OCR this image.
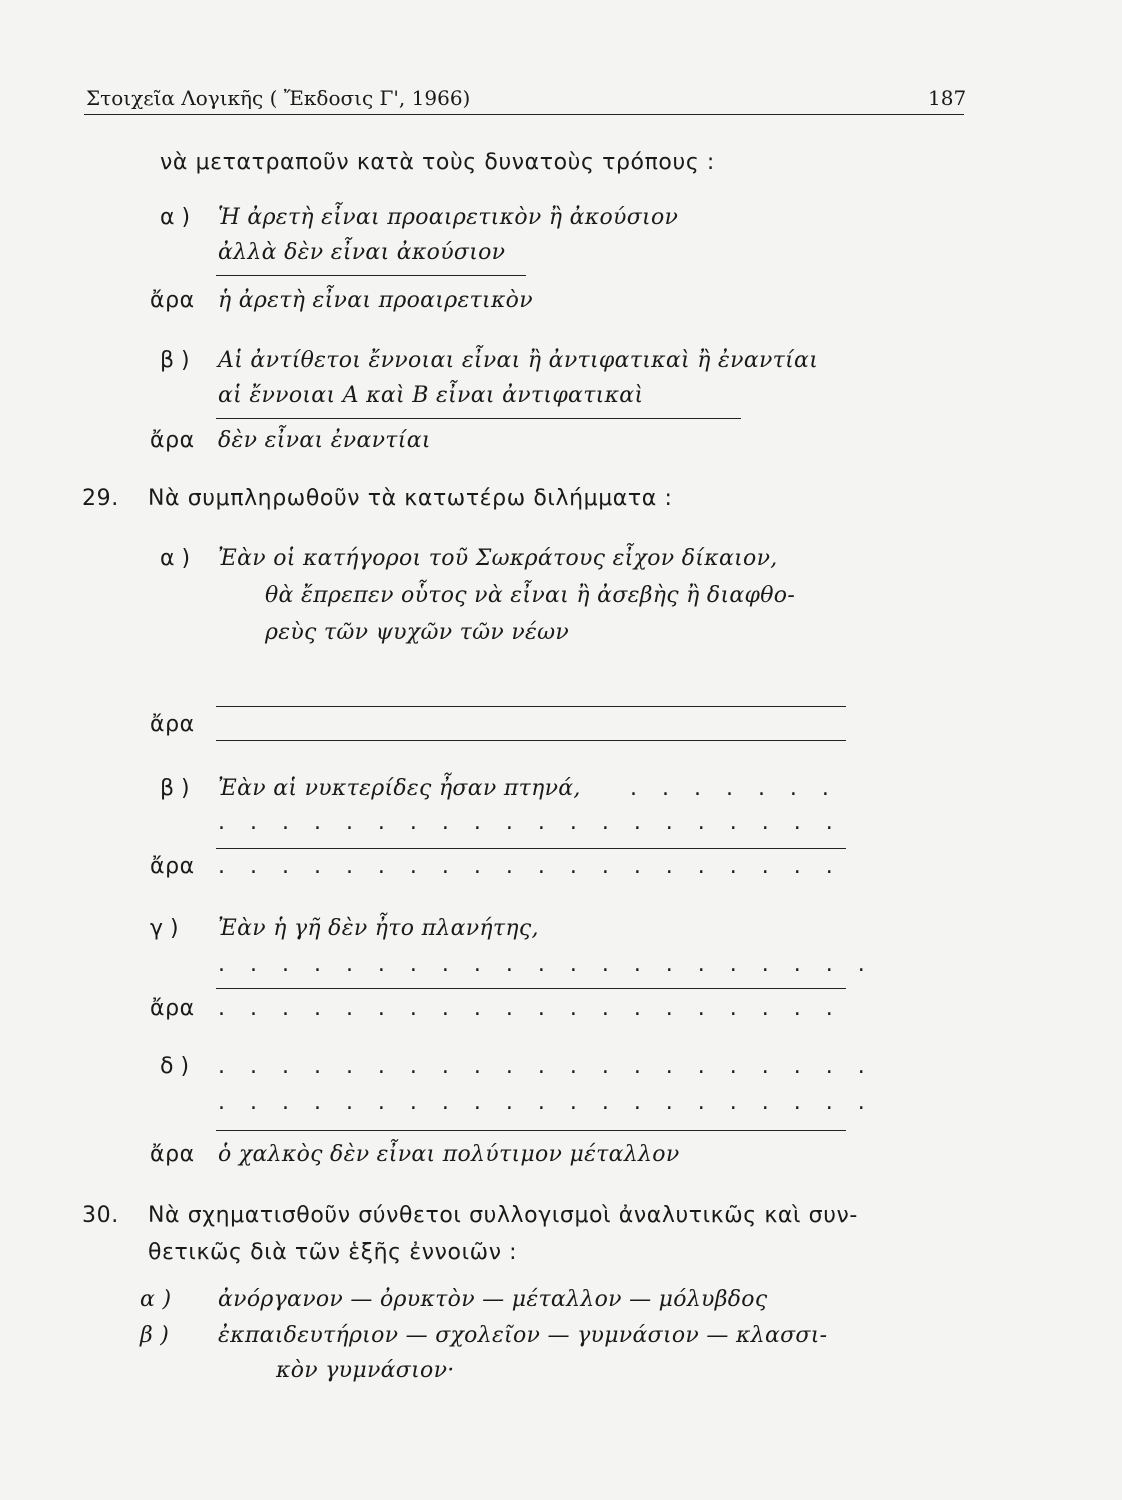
Στοιχεῖα Λογικῆς ( Ἔκδοσις Γ', 1966)	187
νὰ μετατραποῦν κατὰ τοὺς δυνατοὺς τρόπους :
α ) Ἡ ἀρετὴ εἶναι προαιρετικὸν ἢ ἀκούσιον
ἀλλὰ δὲν εἶναι ἀκούσιον
ἄρα ἡ ἀρετὴ εἶναι προαιρετικὸν
β ) Αἱ ἀντίθετοι ἔννοιαι εἶναι ἢ ἀντιφατικαὶ ἢ ἐναντίαι
αἱ ἔννοιαι Α καὶ Β εἶναι ἀντιφατικαὶ
ἄρα δὲν εἶναι ἐναντίαι
29. Νὰ συμπληρωθοῦν τὰ κατωτέρω διλήμματα :
α ) Ἐὰν οἱ κατήγοροι τοῦ Σωκράτους εἶχον δίκαιον,
θὰ ἔπρεπεν οὗτος νὰ εἶναι ἢ ἀσεβὴς ἢ διαφθο-
ρεὺς τῶν ψυχῶν τῶν νέων
ἄρα
β ) Ἐὰν αἱ νυκτερίδες ἦσαν πτηνά, . . . . . . .
. . . . . . . . . . . . . . . . . . . .
ἄρα . . . . . . . . . . . . . . . . . . . .
γ ) Ἐὰν ἡ γῆ δὲν ἦτο πλανήτης,
. . . . . . . . . . . . . . . . . . . . .
ἄρα . . . . . . . . . . . . . . . . . . . .
δ ) . . . . . . . . . . . . . . . . . . . . .
. . . . . . . . . . . . . . . . . . . . .
ἄρα ὁ χαλκὸς δὲν εἶναι πολύτιμον μέταλλον
30. Νὰ σχηματισθοῦν σύνθετοι συλλογισμοὶ ἀναλυτικῶς καὶ συν-
θετικῶς διὰ τῶν ἑξῆς ἐννοιῶν :
α ) ἀνόργανον — ὀρυκτὸν — μέταλλον — μόλυβδος
β ) ἐκπαιδευτήριον — σχολεῖον — γυμνάσιον — κλασσι-
κὸν γυμνάσιον·
